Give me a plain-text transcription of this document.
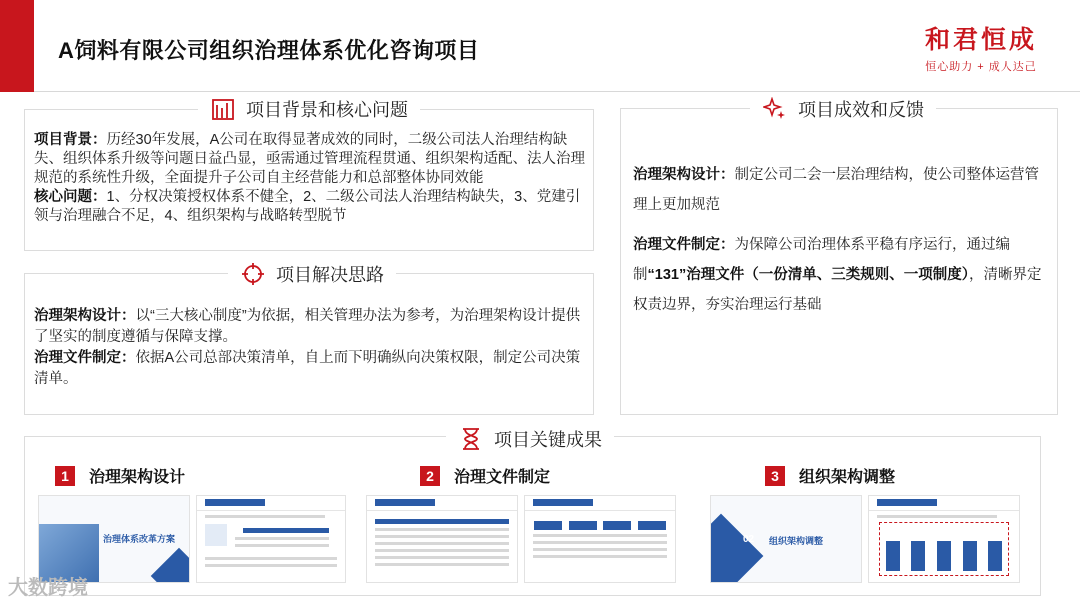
A饲料有限公司组织治理体系优化咨询项目	和君恒成
恒心助力 + 成人达己
项目背景和核心问题

项目背景：历经30年发展，A公司在取得显著成效的同时，二级公司法人治理结构缺失、组织体系升级等问题日益凸显，亟需通过管理流程贯通、组织架构适配、法人治理规范的系统性升级，全面提升子公司自主经营能力和总部整体协同效能

核心问题：1、分权决策授权体系不健全，2、二级公司法人治理结构缺失，3、党建引领与治理融合不足，4、组织架构与战略转型脱节

项目解决思路

治理架构设计：以“三大核心制度”为依据，相关管理办法为参考，为治理架构设计提供了坚实的制度遵循与保障支撑。

治理文件制定：依据A公司总部决策清单，自上而下明确纵向决策权限，制定公司决策清单。

项目成效和反馈

治理架构设计：制定公司二会一层治理结构，使公司整体运营管理上更加规范

治理文件制定：为保障公司治理体系平稳有序运行，通过编制“131”治理文件（一份清单、三类规则、一项制度），清晰界定权责边界，夯实治理运行基础

项目关键成果
1	治理架构设计	2	治理文件制定	3	组织架构调整
治理体系改革方案	02 组织架构调整
大数跨境
